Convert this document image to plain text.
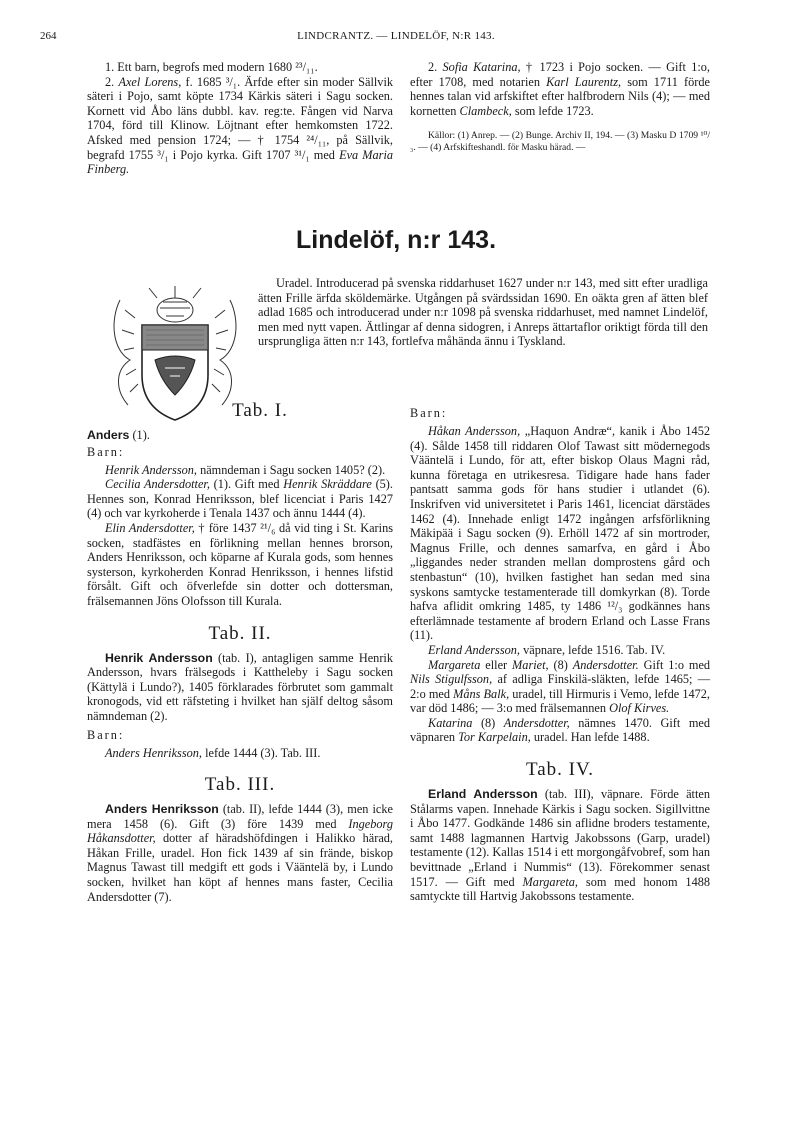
264	LINDCRANTZ. — LINDELÖF, N:R 143.

1. Ett barn, begrofs med modern 1680 ²³/₁₁.

2. Axel Lorens, f. 1685 ³/₁. Ärfde efter sin moder Sällvik säteri i Pojo, samt köpte 1734 Kärkis säteri i Sagu socken. Kornett vid Åbo läns dubbl. kav. reg:te. Fången vid Narva 1704, förd till Klinow. Löjtnant efter hemkomsten 1722. Afsked med pension 1724; — † 1754 ²⁴/₁₁, på Sällvik, begrafd 1755 ³/₁ i Pojo kyrka. Gift 1707 ³¹/₁ med Eva Maria Finberg.

2. Sofia Katarina, † 1723 i Pojo socken. — Gift 1:o, efter 1708, med notarien Karl Laurentz, som 1711 förde hennes talan vid arfskiftet efter halfbrodern Nils (4); — med kornetten Clambeck, som lefde 1723.

Källor: (1) Anrep. — (2) Bunge. Archiv II, 194. — (3) Masku D 1709 ¹⁰/₃. — (4) Arfskifteshandl. för Masku härad. —

Lindelöf, n:r 143.

Uradel. Introducerad på svenska riddarhuset 1627 under n:r 143, med sitt efter uradliga ätten Frille ärfda sköldemärke. Utgången på svärdssidan 1690. En oäkta gren af ätten blef adlad 1685 och introducerad under n:r 1098 på svenska riddarhuset, med namnet Lindelöf, men med nytt vapen. Ättlingar af denna sidogren, i Anreps ättartaflor oriktigt förda till den ursprungliga ätten n:r 143, fortlefva måhända ännu i Tyskland.

Tab. I.

Anders (1).

Barn:

Henrik Andersson, nämndeman i Sagu socken 1405? (2).

Cecilia Andersdotter, (1). Gift med Henrik Skräddare (5). Hennes son, Konrad Henriksson, blef licenciat i Paris 1427 (4) och var kyrkoherde i Tenala 1437 och ännu 1444 (4).

Elin Andersdotter, † före 1437 ²¹/₆ då vid ting i St. Karins socken, stadfästes en förlikning mellan hennes brorson, Anders Henriksson, och köparne af Kurala gods, som hennes systerson, kyrkoherden Konrad Henriksson, i hennes lifstid försålt. Gift och öfverlefde sin dotter och dottersman, frälsemannen Jöns Olofsson till Kurala.

Tab. II.

Henrik Andersson (tab. I), antagligen samme Henrik Andersson, hvars frälsegods i Kattheleby i Sagu socken (Kättylä i Lundo?), 1405 förklarades förbrutet som gammalt kronogods, vid ett räfsteting i hvilket han själf deltog såsom nämndeman (2).

Barn:

Anders Henriksson, lefde 1444 (3). Tab. III.

Tab. III.

Anders Henriksson (tab. II), lefde 1444 (3), men icke mera 1458 (6). Gift (3) före 1439 med Ingeborg Håkansdotter, dotter af häradshöfdingen i Halikko härad, Håkan Frille, uradel. Hon fick 1439 af sin frände, biskop Magnus Tawast till medgift ett gods i Vääntelä by, i Lundo socken, hvilket han köpt af hennes mans faster, Cecilia Andersdotter (7).

Barn:

Håkan Andersson, „Haquon Andræ“, kanik i Åbo 1452 (4). Sålde 1458 till riddaren Olof Tawast sitt mödernegods Vääntelä i Lundo, för att, efter biskop Olaus Magni råd, kunna företaga en utrikesresa. Tidigare hade hans fader pantsatt samma gods för hans studier i utlandet (6). Inskrifven vid universitetet i Paris 1461, licenciat därstädes 1462 (4). Innehade enligt 1472 ingången arfsförlikning Mäkipää i Sagu socken (9). Erhöll 1472 af sin mortroder, Magnus Frille, och dennes samarfva, en gård i Åbo „liggandes neder stranden mellan domprostens gård och stenbastun“ (10), hvilken fastighet han sedan med sina syskons samtycke testamenterade till domkyrkan (8). Torde hafva aflidit omkring 1485, ty 1486 ¹²/₃ godkännes hans efterlämnade testamente af brodern Erland och Lasse Frans (11).

Erland Andersson, väpnare, lefde 1516. Tab. IV.

Margareta eller Mariet, (8) Andersdotter. Gift 1:o med Nils Stigulfsson, af adliga Finskilä-släkten, lefde 1465; — 2:o med Måns Balk, uradel, till Hirmuris i Vemo, lefde 1472, var död 1486; — 3:o med frälsemannen Olof Kirves.

Katarina (8) Andersdotter, nämnes 1470. Gift med väpnaren Tor Karpelain, uradel. Han lefde 1488.

Tab. IV.

Erland Andersson (tab. III), väpnare. Förde ätten Stålarms vapen. Innehade Kärkis i Sagu socken. Sigillvittne i Åbo 1477. Godkände 1486 sin aflidne broders testamente, samt 1488 lagmannen Hartvig Jakobssons (Garp, uradel) testamente (12). Kallas 1514 i ett morgongåfvobref, som han bevittnade „Erland i Nummis“ (13). Förekommer senast 1517. — Gift med Margareta, som med honom 1488 samtyckte till Hartvig Jakobssons testamente.
